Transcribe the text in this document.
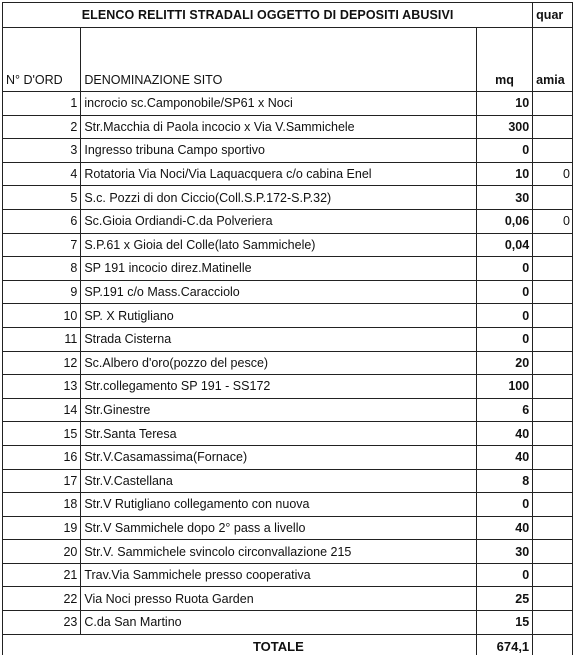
ELENCO RELITTI STRADALI OGGETTO DI DEPOSITI ABUSIVI			quar
N° D'ORD	DENOMINAZIONE SITO	mq	amia
1	incrocio sc.Camponobile/SP61 x Noci	10	
2	Str.Macchia di Paola incocio x Via V.Sammichele	300	
3	Ingresso tribuna Campo sportivo	0	
4	Rotatoria Via Noci/Via Laquacquera c/o cabina Enel	10	0
5	S.c. Pozzi di don Ciccio(Coll.S.P.172-S.P.32)	30	
6	Sc.Gioia Ordiandi-C.da Polveriera	0,06	0
7	S.P.61 x Gioia del Colle(lato Sammichele)	0,04	
8	SP 191 incocio direz.Matinelle	0	
9	SP.191 c/o Mass.Caracciolo	0	
10	SP. X Rutigliano	0	
11	Strada Cisterna	0	
12	Sc.Albero d'oro(pozzo del pesce)	20	
13	Str.collegamento SP 191 - SS172	100	
14	Str.Ginestre	6	
15	Str.Santa Teresa	40	
16	Str.V.Casamassima(Fornace)	40	
17	Str.V.Castellana	8	
18	Str.V Rutigliano collegamento con nuova	0	
19	Str.V Sammichele dopo 2° pass a livello	40	
20	Str.V. Sammichele svincolo circonvallazione 215	30	
21	Trav.Via Sammichele presso cooperativa	0	
22	Via Noci presso Ruota Garden	25	
23	C.da San Martino	15	
	TOTALE	674,1	
